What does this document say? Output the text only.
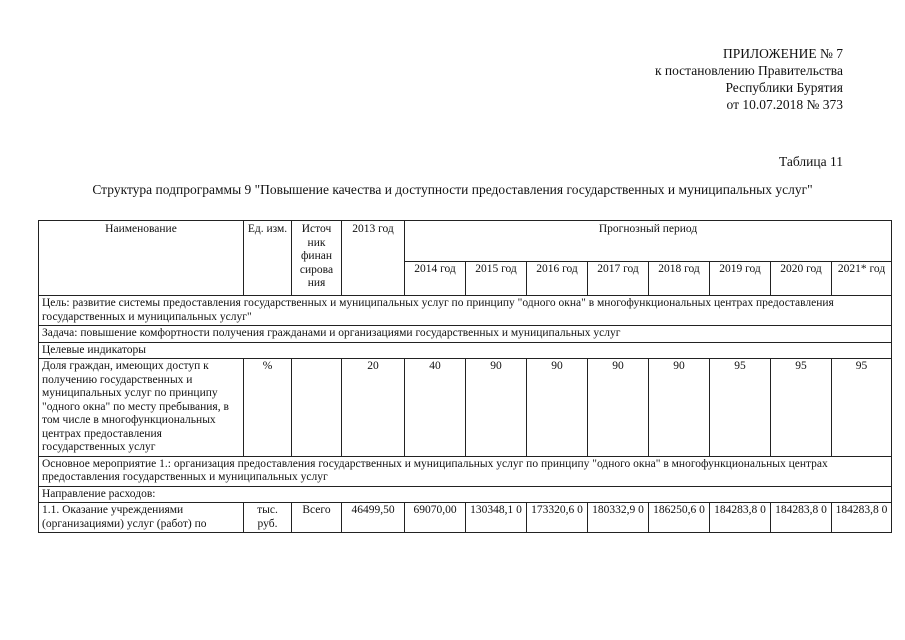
ПРИЛОЖЕНИЕ № 7
к постановлению Правительства
Республики Бурятия
от 10.07.2018 № 373
Таблица 11
Структура подпрограммы 9 "Повышение качества и доступности предоставления государственных и муниципальных услуг"
Наименование	Ед. изм.	Источ ник финан сирова ния	2013 год	Прогнозный период							
				2014 год	2015 год	2016 год	2017 год	2018 год	2019 год	2020 год	2021* год
Цель: развитие системы предоставления государственных и муниципальных услуг по принципу "одного окна" в многофункциональных центрах предоставления государственных и муниципальных услуг"											
Задача: повышение комфортности получения гражданами и организациями государственных и муниципальных услуг											
Целевые индикаторы											
Доля граждан, имеющих доступ к получению государственных и муниципальных услуг по принципу "одного окна" по месту пребывания, в том числе в многофункциональных центрах предоставления государственных услуг	%		20	40	90	90	90	90	95	95	95
Основное мероприятие 1.: организация предоставления государственных и муниципальных услуг по принципу "одного окна" в многофункциональных центрах предоставления государственных и муниципальных услуг											
Направление расходов:											
1.1. Оказание учреждениями (организациями) услуг (работ) по	тыс. руб.	Всего	46499,50	69070,00	130348,1 0	173320,6 0	180332,9 0	186250,6 0	184283,8 0	184283,8 0	184283,8 0
